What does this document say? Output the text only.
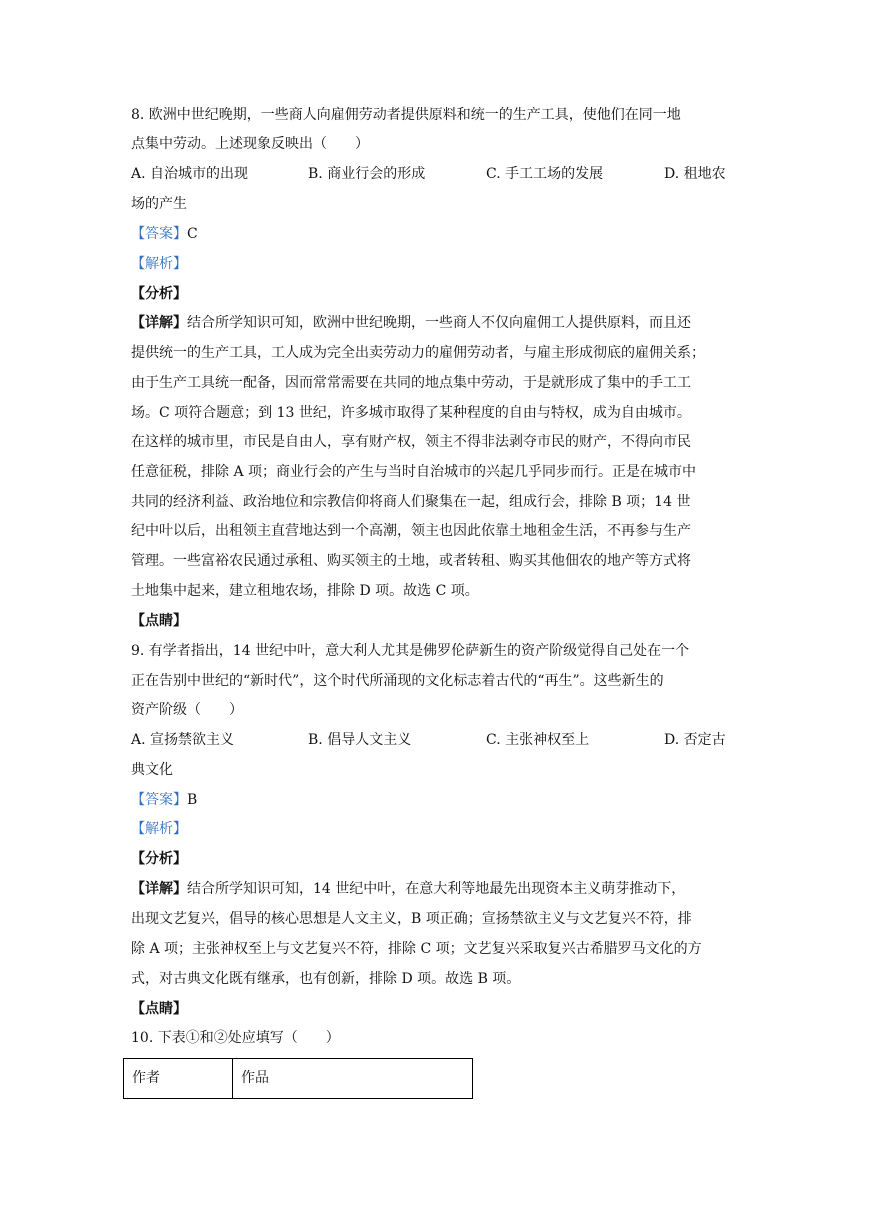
8. 欧洲中世纪晚期，一些商人向雇佣劳动者提供原料和统一的生产工具，使他们在同一地
点集中劳动。上述现象反映出（　　）
A. 自治城市的出现	B. 商业行会的形成	C. 手工工场的发展	D. 租地农
场的产生
【答案】C
【解析】
【分析】
【详解】结合所学知识可知，欧洲中世纪晚期，一些商人不仅向雇佣工人提供原料，而且还
提供统一的生产工具，工人成为完全出卖劳动力的雇佣劳动者，与雇主形成彻底的雇佣关系；
由于生产工具统一配备，因而常常需要在共同的地点集中劳动，于是就形成了集中的手工工
场。C 项符合题意；到 13 世纪，许多城市取得了某种程度的自由与特权，成为自由城市。
在这样的城市里，市民是自由人，享有财产权，领主不得非法剥夺市民的财产，不得向市民
任意征税，排除 A 项；商业行会的产生与当时自治城市的兴起几乎同步而行。正是在城市中
共同的经济利益、政治地位和宗教信仰将商人们聚集在一起，组成行会，排除 B 项；14 世
纪中叶以后，出租领主直营地达到一个高潮，领主也因此依靠土地租金生活，不再参与生产
管理。一些富裕农民通过承租、购买领主的土地，或者转租、购买其他佃农的地产等方式将
土地集中起来，建立租地农场，排除 D 项。故选 C 项。
【点睛】
9. 有学者指出，14 世纪中叶，意大利人尤其是佛罗伦萨新生的资产阶级觉得自己处在一个
正在告别中世纪的“新时代”，这个时代所涌现的文化标志着古代的“再生”。这些新生的
资产阶级（　　）
A. 宣扬禁欲主义	B. 倡导人文主义	C. 主张神权至上	D. 否定古
典文化
【答案】B
【解析】
【分析】
【详解】结合所学知识可知，14 世纪中叶，在意大利等地最先出现资本主义萌芽推动下，
出现文艺复兴，倡导的核心思想是人文主义，B 项正确；宣扬禁欲主义与文艺复兴不符，排
除 A 项；主张神权至上与文艺复兴不符，排除 C 项；文艺复兴采取复兴古希腊罗马文化的方
式，对古典文化既有继承，也有创新，排除 D 项。故选 B 项。
【点睛】
10. 下表①和②处应填写（　　）
作者	作品
